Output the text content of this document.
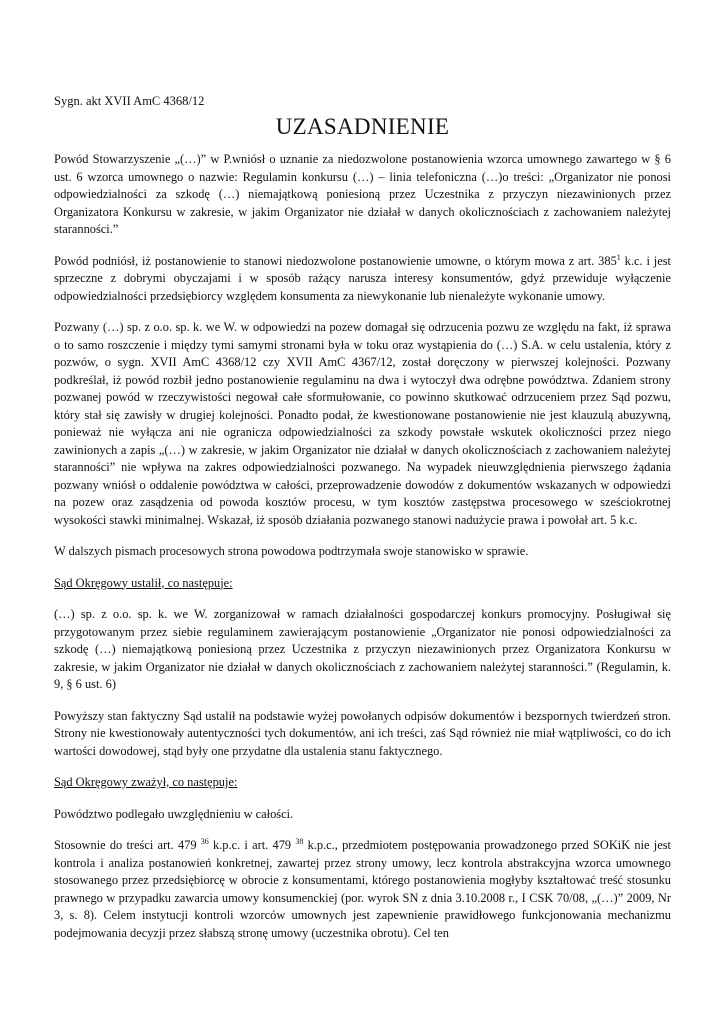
Sygn. akt XVII AmC 4368/12
UZASADNIENIE

Powód Stowarzyszenie „(…)” w P.wniósł o uznanie za niedozwolone postanowienia wzorca umownego zawartego w § 6 ust. 6 wzorca umownego o nazwie: Regulamin konkursu (…) – linia telefoniczna (…)o treści: „Organizator nie ponosi odpowiedzialności za szkodę (…) niemajątkową poniesioną przez Uczestnika z przyczyn niezawinionych przez Organizatora Konkursu w zakresie, w jakim Organizator nie działał w danych okolicznościach z zachowaniem należytej staranności.”

Powód podniósł, iż postanowienie to stanowi niedozwolone postanowienie umowne, o którym mowa z art. $385^1$ k.c. i jest sprzeczne z dobrymi obyczajami i w sposób rażący narusza interesy konsumentów, gdyż przewiduje wyłączenie odpowiedzialności przedsiębiorcy względem konsumenta za niewykonanie lub nienależyte wykonanie umowy.

Pozwany (…) sp. z o.o. sp. k. we W. w odpowiedzi na pozew domagał się odrzucenia pozwu ze względu na fakt, iż sprawa o to samo roszczenie i między tymi samymi stronami była w toku oraz wystąpienia do (…) S.A. w celu ustalenia, który z pozwów, o sygn. XVII AmC 4368/12 czy XVII AmC 4367/12, został doręczony w pierwszej kolejności. Pozwany podkreślał, iż powód rozbił jedno postanowienie regulaminu na dwa i wytoczył dwa odrębne powództwa. Zdaniem strony pozwanej powód w rzeczywistości negował całe sformułowanie, co powinno skutkować odrzuceniem przez Sąd pozwu, który stał się zawisły w drugiej kolejności. Ponadto podał, że kwestionowane postanowienie nie jest klauzulą abuzywną, ponieważ nie wyłącza ani nie ogranicza odpowiedzialności za szkody powstałe wskutek okoliczności przez niego zawinionych a zapis „(…) w zakresie, w jakim Organizator nie działał w danych okolicznościach z zachowaniem należytej staranności” nie wpływa na zakres odpowiedzialności pozwanego. Na wypadek nieuwzględnienia pierwszego żądania pozwany wniósł o oddalenie powództwa w całości, przeprowadzenie dowodów z dokumentów wskazanych w odpowiedzi na pozew oraz zasądzenia od powoda kosztów procesu, w tym kosztów zastępstwa procesowego w sześciokrotnej wysokości stawki minimalnej. Wskazał, iż sposób działania pozwanego stanowi nadużycie prawa i powołał art. 5 k.c.

W dalszych pismach procesowych strona powodowa podtrzymała swoje stanowisko w sprawie.

Sąd Okręgowy ustalił, co następuje:

(…) sp. z o.o. sp. k. we W. zorganizował w ramach działalności gospodarczej konkurs promocyjny. Posługiwał się przygotowanym przez siebie regulaminem zawierającym postanowienie „Organizator nie ponosi odpowiedzialności za szkodę (…) niemajątkową poniesioną przez Uczestnika z przyczyn niezawinionych przez Organizatora Konkursu w zakresie, w jakim Organizator nie działał w danych okolicznościach z zachowaniem należytej staranności.” (Regulamin, k. 9, § 6 ust. 6)

Powyższy stan faktyczny Sąd ustalił na podstawie wyżej powołanych odpisów dokumentów i bezspornych twierdzeń stron. Strony nie kwestionowały autentyczności tych dokumentów, ani ich treści, zaś Sąd również nie miał wątpliwości, co do ich wartości dowodowej, stąd były one przydatne dla ustalenia stanu faktycznego.

Sąd Okręgowy zważył, co następuje:

Powództwo podlegało uwzględnieniu w całości.

Stosownie do treści art. 479 $^{36}$ k.p.c. i art. 479 $^{38}$ k.p.c., przedmiotem postępowania prowadzonego przed SOKiK nie jest kontrola i analiza postanowień konkretnej, zawartej przez strony umowy, lecz kontrola abstrakcyjna wzorca umownego stosowanego przez przedsiębiorcę w obrocie z konsumentami, którego postanowienia mogłyby kształtować treść stosunku prawnego w przypadku zawarcia umowy konsumenckiej (por. wyrok SN z dnia 3.10.2008 r., I CSK 70/08, „(…)” 2009, Nr 3, s. 8). Celem instytucji kontroli wzorców umownych jest zapewnienie prawidłowego funkcjonowania mechanizmu podejmowania decyzji przez słabszą stronę umowy (uczestnika obrotu). Cel ten
